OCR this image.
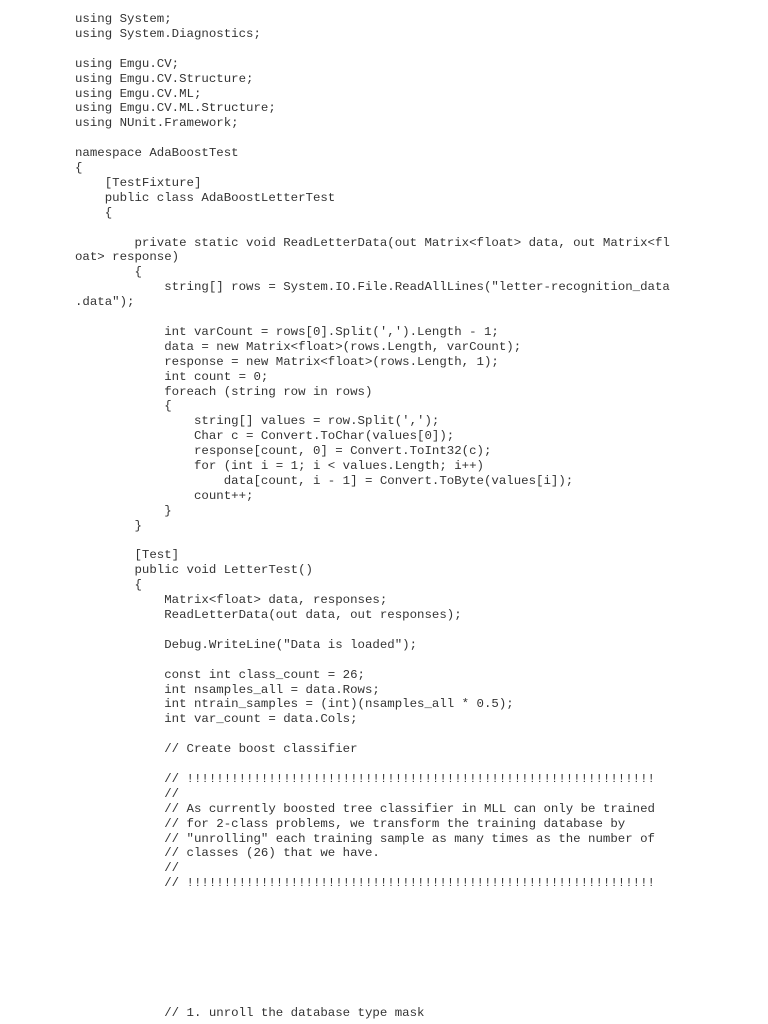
using System;
using System.Diagnostics;
using Emgu.CV;
using Emgu.CV.Structure;
using Emgu.CV.ML;
using Emgu.CV.ML.Structure;
using NUnit.Framework;
namespace AdaBoostTest
{
[TestFixture]
public class AdaBoostLetterTest
{
private static void ReadLetterData(out Matrix<float> data, out Matrix<fl
oat> response)
{
string[] rows = System.IO.File.ReadAllLines("letter-recognition_data
.data");
int varCount = rows[0].Split(',').Length - 1;
data = new Matrix<float>(rows.Length, varCount);
response = new Matrix<float>(rows.Length, 1);
int count = 0;
foreach (string row in rows)
{
string[] values = row.Split(',');
Char c = Convert.ToChar(values[0]);
response[count, 0] = Convert.ToInt32(c);
for (int i = 1; i < values.Length; i++)
data[count, i - 1] = Convert.ToByte(values[i]);
count++;
}
}
[Test]
public void LetterTest()
{
Matrix<float> data, responses;
ReadLetterData(out data, out responses);
Debug.WriteLine("Data is loaded");
const int class_count = 26;
int nsamples_all = data.Rows;
int ntrain_samples = (int)(nsamples_all * 0.5);
int var_count = data.Cols;
// Create boost classifier
// !!!!!!!!!!!!!!!!!!!!!!!!!!!!!!!!!!!!!!!!!!!!!!!!!!!!!!!!!!!!!!!
//
// As currently boosted tree classifier in MLL can only be trained
// for 2-class problems, we transform the training database by
// "unrolling" each training sample as many times as the number of
// classes (26) that we have.
//
// !!!!!!!!!!!!!!!!!!!!!!!!!!!!!!!!!!!!!!!!!!!!!!!!!!!!!!!!!!!!!!!
// 1. unroll the database type mask
